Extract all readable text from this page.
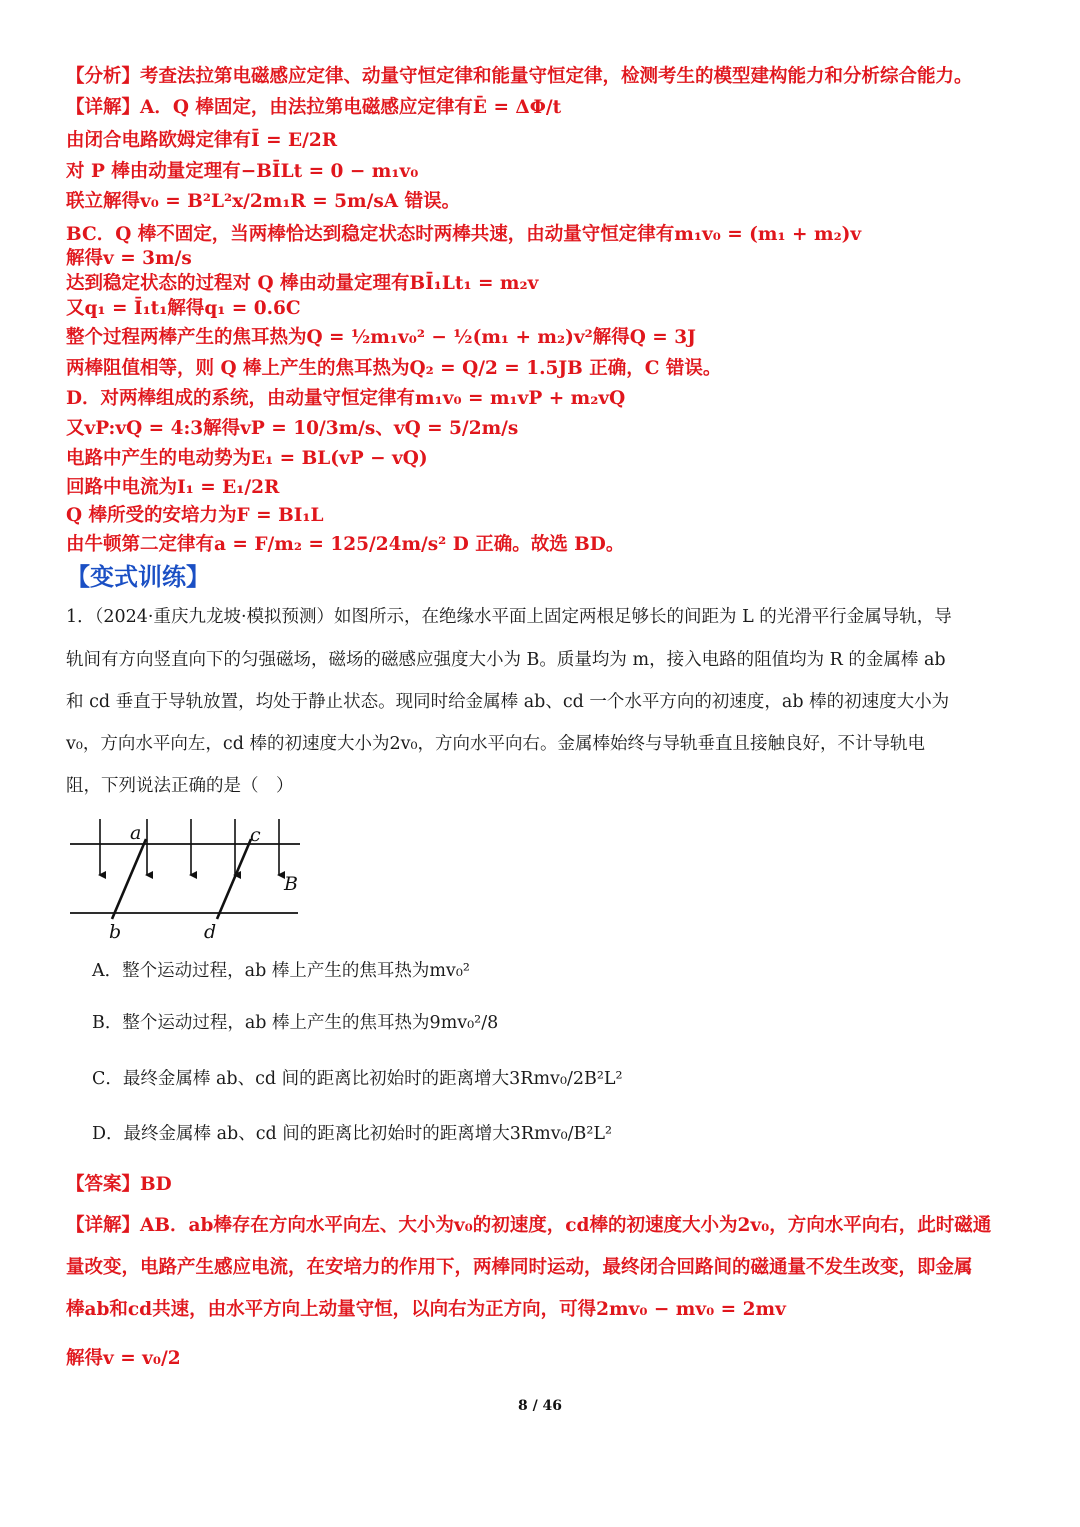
【分析】考查法拉第电磁感应定律、动量守恒定律和能量守恒定律，检测考生的模型建构能力和分析综合能力。
【详解】A．Q 棒固定，由法拉第电磁感应定律有Ē = ΔΦ/t
由闭合电路欧姆定律有Ī = E/2R
对 P 棒由动量定理有−BĪLt = 0 − m₁v₀
联立解得v₀ = B²L²x/2m₁R = 5m/sA 错误。
BC．Q 棒不固定，当两棒恰达到稳定状态时两棒共速，由动量守恒定律有m₁v₀ = (m₁ + m₂)v
解得v = 3m/s
达到稳定状态的过程对 Q 棒由动量定理有BĪ₁Lt₁ = m₂v
又q₁ = Ī₁t₁解得q₁ = 0.6C
整个过程两棒产生的焦耳热为Q = ½m₁v₀² − ½(m₁ + m₂)v²解得Q = 3J
两棒阻值相等，则 Q 棒上产生的焦耳热为Q₂ = Q/2 = 1.5JB 正确，C 错误。
D．对两棒组成的系统，由动量守恒定律有m₁v₀ = m₁vP + m₂vQ
又vP:vQ = 4:3解得vP = 10/3m/s、vQ = 5/2m/s
电路中产生的电动势为E₁ = BL(vP − vQ)
回路中电流为I₁ = E₁/2R
Q 棒所受的安培力为F = BI₁L
由牛顿第二定律有a = F/m₂ = 125/24m/s² D 正确。故选 BD。
【变式训练】
1．（2024·重庆九龙坡·模拟预测）如图所示，在绝缘水平面上固定两根足够长的间距为 L 的光滑平行金属导轨，导
轨间有方向竖直向下的匀强磁场，磁场的磁感应强度大小为 B。质量均为 m，接入电路的阻值均为 R 的金属棒 ab
和 cd 垂直于导轨放置，均处于静止状态。现同时给金属棒 ab、cd 一个水平方向的初速度，ab 棒的初速度大小为
v₀，方向水平向左，cd 棒的初速度大小为2v₀，方向水平向右。金属棒始终与导轨垂直且接触良好，不计导轨电
阻，下列说法正确的是（　）
a	c
b	d
B
A．整个运动过程，ab 棒上产生的焦耳热为mv₀²
B．整个运动过程，ab 棒上产生的焦耳热为9mv₀²/8
C．最终金属棒 ab、cd 间的距离比初始时的距离增大3Rmv₀/2B²L²
D．最终金属棒 ab、cd 间的距离比初始时的距离增大3Rmv₀/B²L²
【答案】BD
【详解】AB．ab棒存在方向水平向左、大小为v₀的初速度，cd棒的初速度大小为2v₀，方向水平向右，此时磁通
量改变，电路产生感应电流，在安培力的作用下，两棒同时运动，最终闭合回路间的磁通量不发生改变，即金属
棒ab和cd共速，由水平方向上动量守恒，以向右为正方向，可得2mv₀ − mv₀ = 2mv
解得v = v₀/2
8 / 46
